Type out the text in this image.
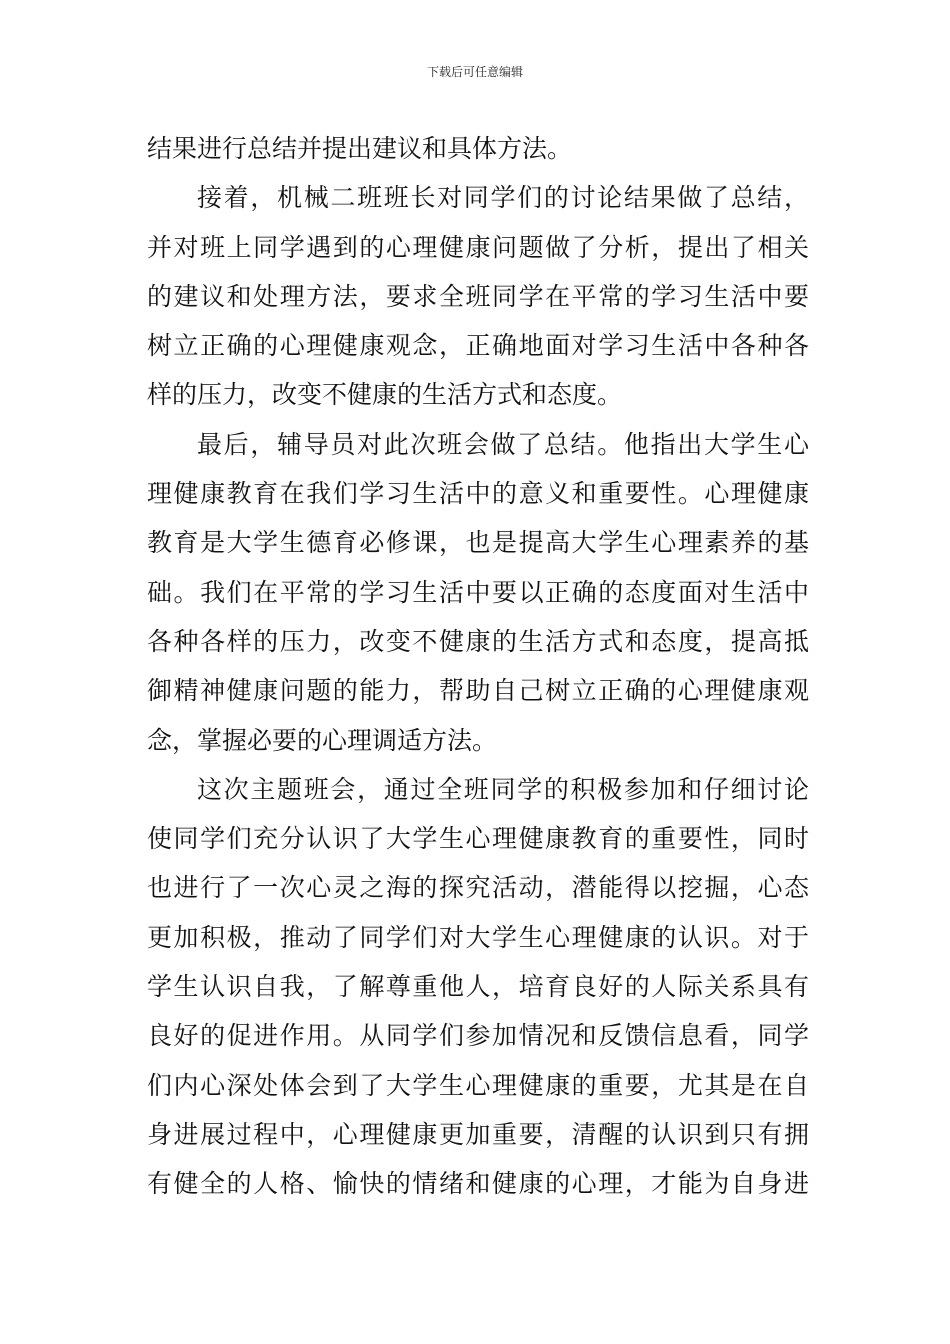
下载后可任意编辑
结果进行总结并提出建议和具体方法。
接着，机械二班班长对同学们的讨论结果做了总结，
并对班上同学遇到的心理健康问题做了分析，提出了相关
的建议和处理方法，要求全班同学在平常的学习生活中要
树立正确的心理健康观念，正确地面对学习生活中各种各
样的压力，改变不健康的生活方式和态度。
最后，辅导员对此次班会做了总结。他指出大学生心
理健康教育在我们学习生活中的意义和重要性。心理健康
教育是大学生德育必修课，也是提高大学生心理素养的基
础。我们在平常的学习生活中要以正确的态度面对生活中
各种各样的压力，改变不健康的生活方式和态度，提高抵
御精神健康问题的能力，帮助自己树立正确的心理健康观
念，掌握必要的心理调适方法。
这次主题班会，通过全班同学的积极参加和仔细讨论
使同学们充分认识了大学生心理健康教育的重要性，同时
也进行了一次心灵之海的探究活动，潜能得以挖掘，心态
更加积极，推动了同学们对大学生心理健康的认识。对于
学生认识自我，了解尊重他人，培育良好的人际关系具有
良好的促进作用。从同学们参加情况和反馈信息看，同学
们内心深处体会到了大学生心理健康的重要，尤其是在自
身进展过程中，心理健康更加重要，清醒的认识到只有拥
有健全的人格、愉快的情绪和健康的心理，才能为自身进
